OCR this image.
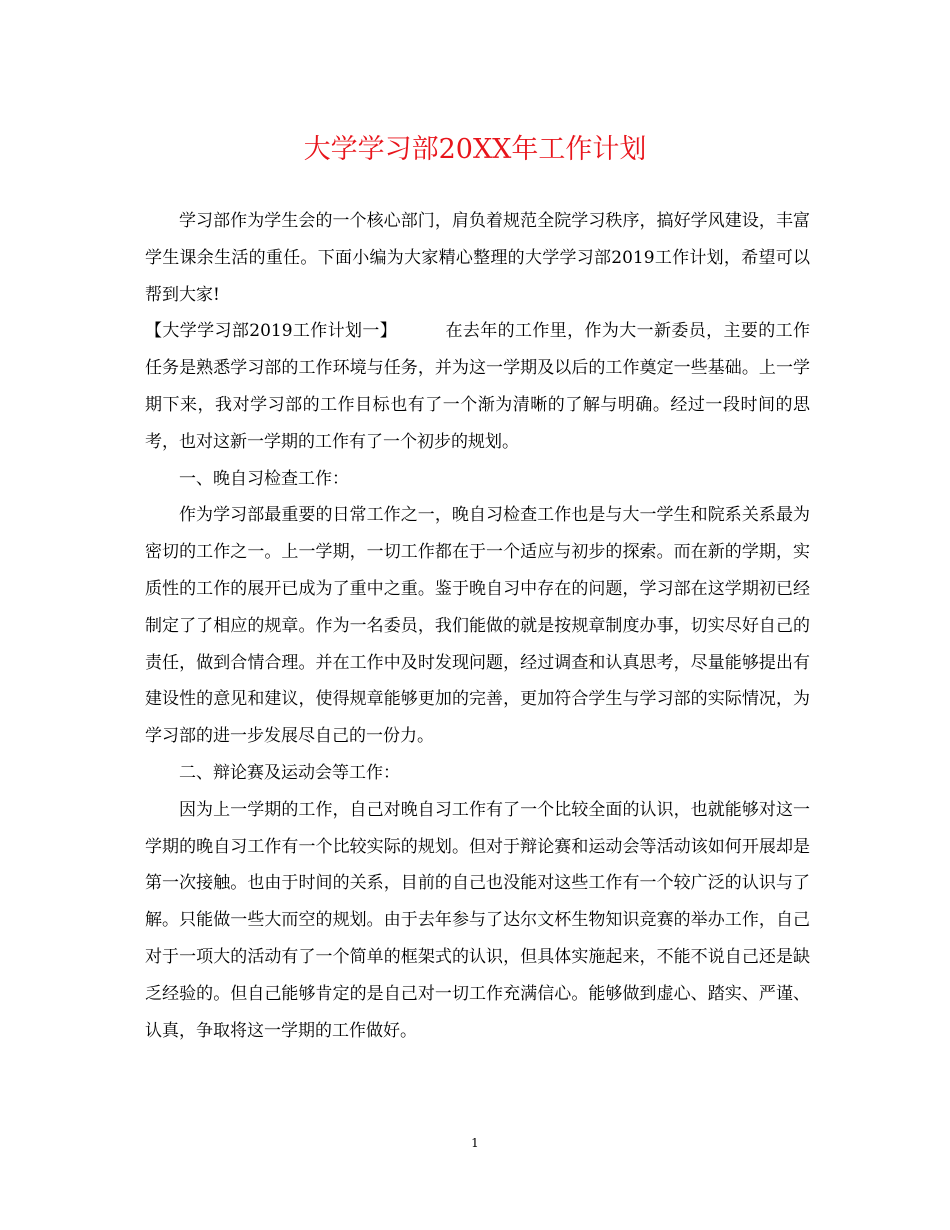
大学学习部20XX年工作计划

学习部作为学生会的一个核心部门，肩负着规范全院学习秩序，搞好学风建设，丰富学生课余生活的重任。下面小编为大家精心整理的大学学习部2019工作计划，希望可以帮到大家!

【大学学习部2019工作计划一】	在去年的工作里，作为大一新委员，主要的工作任务是熟悉学习部的工作环境与任务，并为这一学期及以后的工作奠定一些基础。上一学期下来，我对学习部的工作目标也有了一个渐为清晰的了解与明确。经过一段时间的思考，也对这新一学期的工作有了一个初步的规划。

一、晚自习检查工作：

作为学习部最重要的日常工作之一，晚自习检查工作也是与大一学生和院系关系最为密切的工作之一。上一学期，一切工作都在于一个适应与初步的探索。而在新的学期，实质性的工作的展开已成为了重中之重。鉴于晚自习中存在的问题，学习部在这学期初已经制定了了相应的规章。作为一名委员，我们能做的就是按规章制度办事，切实尽好自己的责任，做到合情合理。并在工作中及时发现问题，经过调查和认真思考，尽量能够提出有建设性的意见和建议，使得规章能够更加的完善，更加符合学生与学习部的实际情况，为学习部的进一步发展尽自己的一份力。

二、辩论赛及运动会等工作：

因为上一学期的工作，自己对晚自习工作有了一个比较全面的认识，也就能够对这一学期的晚自习工作有一个比较实际的规划。但对于辩论赛和运动会等活动该如何开展却是第一次接触。也由于时间的关系，目前的自己也没能对这些工作有一个较广泛的认识与了解。只能做一些大而空的规划。由于去年参与了达尔文杯生物知识竞赛的举办工作，自己对于一项大的活动有了一个简单的框架式的认识，但具体实施起来，不能不说自己还是缺乏经验的。但自己能够肯定的是自己对一切工作充满信心。能够做到虚心、踏实、严谨、认真，争取将这一学期的工作做好。

1
